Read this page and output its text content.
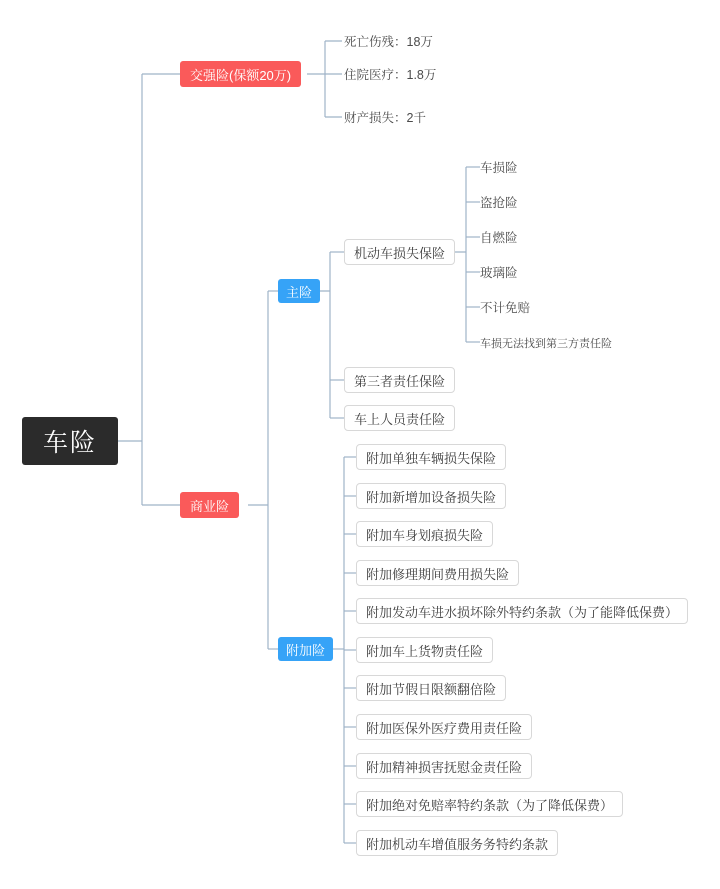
车险
交强险(保额20万)
商业险
主险
附加险
死亡伤残：18万
住院医疗：1.8万
财产损失：2千
机动车损失保险
第三者责任保险
车上人员责任险
车损险
盗抢险
自燃险
玻璃险
不计免赔
车损无法找到第三方责任险
附加单独车辆损失保险
附加新增加设备损失险
附加车身划痕损失险
附加修理期间费用损失险
附加发动车进水损坏除外特约条款（为了能降低保费）
附加车上货物责任险
附加节假日限额翻倍险
附加医保外医疗费用责任险
附加精神损害抚慰金责任险
附加绝对免赔率特约条款（为了降低保费）
附加机动车增值服务务特约条款
